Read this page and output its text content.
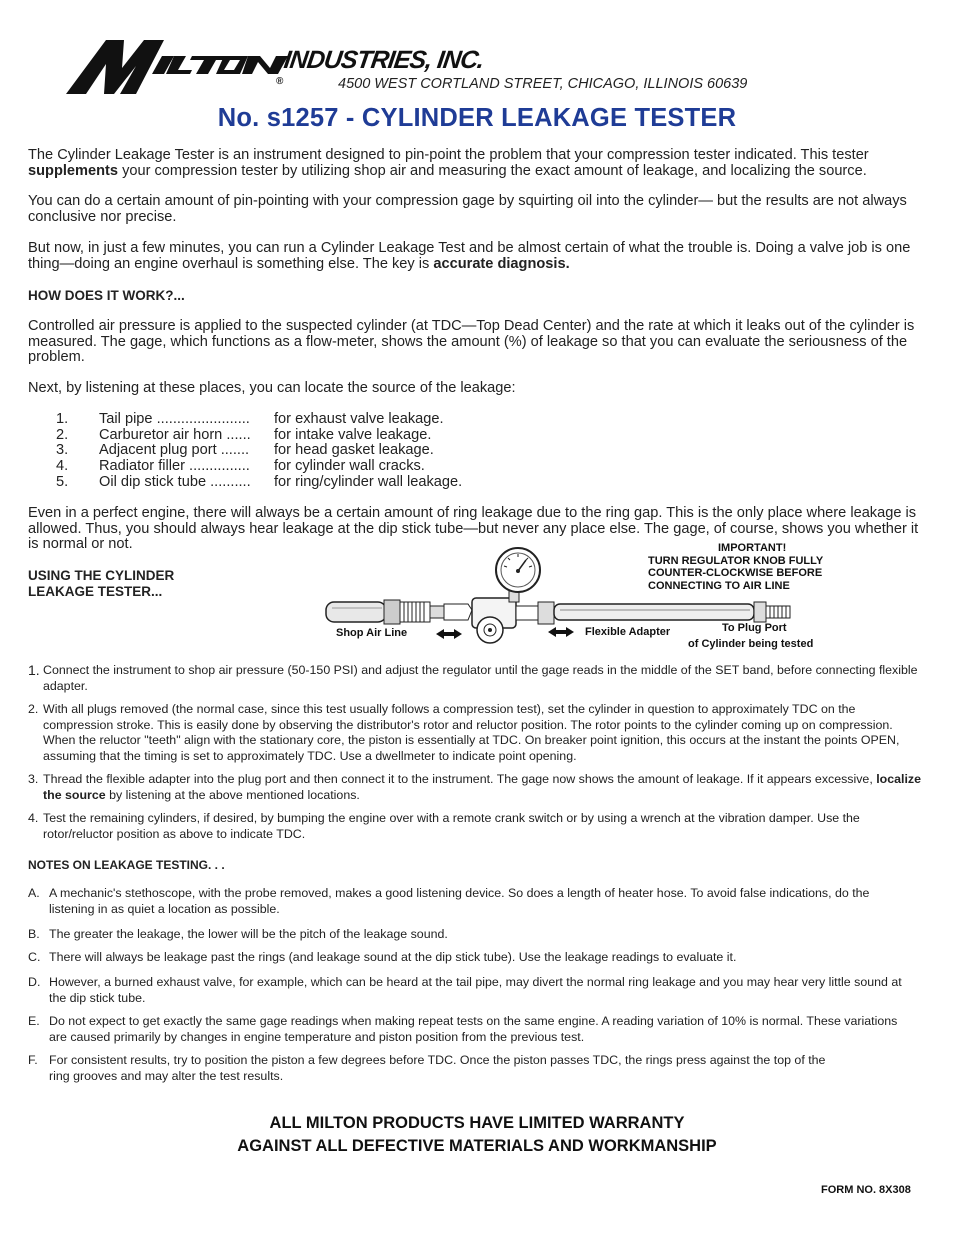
INDUSTRIES, INC.
®	4500 WEST CORTLAND STREET, CHICAGO, ILLINOIS 60639
No. s1257 - CYLINDER LEAKAGE TESTER
The Cylinder Leakage Tester is an instrument designed to pin-point the problem that your compression tester indicated. This tester supplements your compression tester by utilizing shop air and measuring the exact amount of leakage, and localizing the source.
You can do a certain amount of pin-pointing with your compression gage by squirting oil into the cylinder— but the results are not always conclusive nor precise.
But now, in just a few minutes, you can run a Cylinder Leakage Test and be almost certain of what the trouble is. Doing a valve job is one thing—doing an engine overhaul is something else. The key is accurate diagnosis.
HOW DOES IT WORK?...
Controlled air pressure is applied to the suspected cylinder (at TDC—Top Dead Center) and the rate at which it leaks out of the cylinder is measured. The gage, which functions as a flow-meter, shows the amount (%) of leakage so that you can evaluate the seriousness of the problem.
Next, by listening at these places, you can locate the source of the leakage:
1. Tail pipe ....................... for exhaust valve leakage.
2. Carburetor air horn ...... for intake valve leakage.
3. Adjacent plug port ....... for head gasket leakage.
4. Radiator filler ............... for cylinder wall cracks.
5. Oil dip stick tube .......... for ring/cylinder wall leakage.
Even in a perfect engine, there will always be a certain amount of ring leakage due to the ring gap. This is the only place where leakage is allowed. Thus, you should always hear leakage at the dip stick tube—but never any place else. The gage, of course, shows you whether it is normal or not.
USING THE CYLINDER
LEAKAGE TESTER...
IMPORTANT!
TURN REGULATOR KNOB FULLY
COUNTER-CLOCKWISE BEFORE
CONNECTING TO AIR LINE
Shop Air Line	Flexible Adapter	To Plug Port
of Cylinder being tested
1. Connect the instrument to shop air pressure (50-150 PSI) and adjust the regulator until the gage reads in the middle of the SET band, before connecting flexible adapter.
2. With all plugs removed (the normal case, since this test usually follows a compression test), set the cylinder in question to approximately TDC on the compression stroke. This is easily done by observing the distributor's rotor and reluctor position. The rotor points to the cylinder coming up on compression. When the reluctor "teeth" align with the stationary core, the piston is essentially at TDC. On breaker point ignition, this occurs at the instant the points OPEN, assuming that the timing is set to approximately TDC. Use a dwellmeter to indicate point opening.
3. Thread the flexible adapter into the plug port and then connect it to the instrument. The gage now shows the amount of leakage. If it appears excessive, localize the source by listening at the above mentioned locations.
4. Test the remaining cylinders, if desired, by bumping the engine over with a remote crank switch or by using a wrench at the vibration damper. Use the rotor/reluctor position as above to indicate TDC.
NOTES ON LEAKAGE TESTING. . .
A. A mechanic's stethoscope, with the probe removed, makes a good listening device. So does a length of heater hose. To avoid false indications, do the listening in as quiet a location as possible.
B. The greater the leakage, the lower will be the pitch of the leakage sound.
C. There will always be leakage past the rings (and leakage sound at the dip stick tube). Use the leakage readings to evaluate it.
D. However, a burned exhaust valve, for example, which can be heard at the tail pipe, may divert the normal ring leakage and you may hear very little sound at the dip stick tube.
E. Do not expect to get exactly the same gage readings when making repeat tests on the same engine. A reading variation of 10% is normal. These variations are caused primarily by changes in engine temperature and piston position from the previous test.
F. For consistent results, try to position the piston a few degrees before TDC. Once the piston passes TDC, the rings press against the top of the ring grooves and may alter the test results.
ALL MILTON PRODUCTS HAVE LIMITED WARRANTY
AGAINST ALL DEFECTIVE MATERIALS AND WORKMANSHIP
FORM NO. 8X308
